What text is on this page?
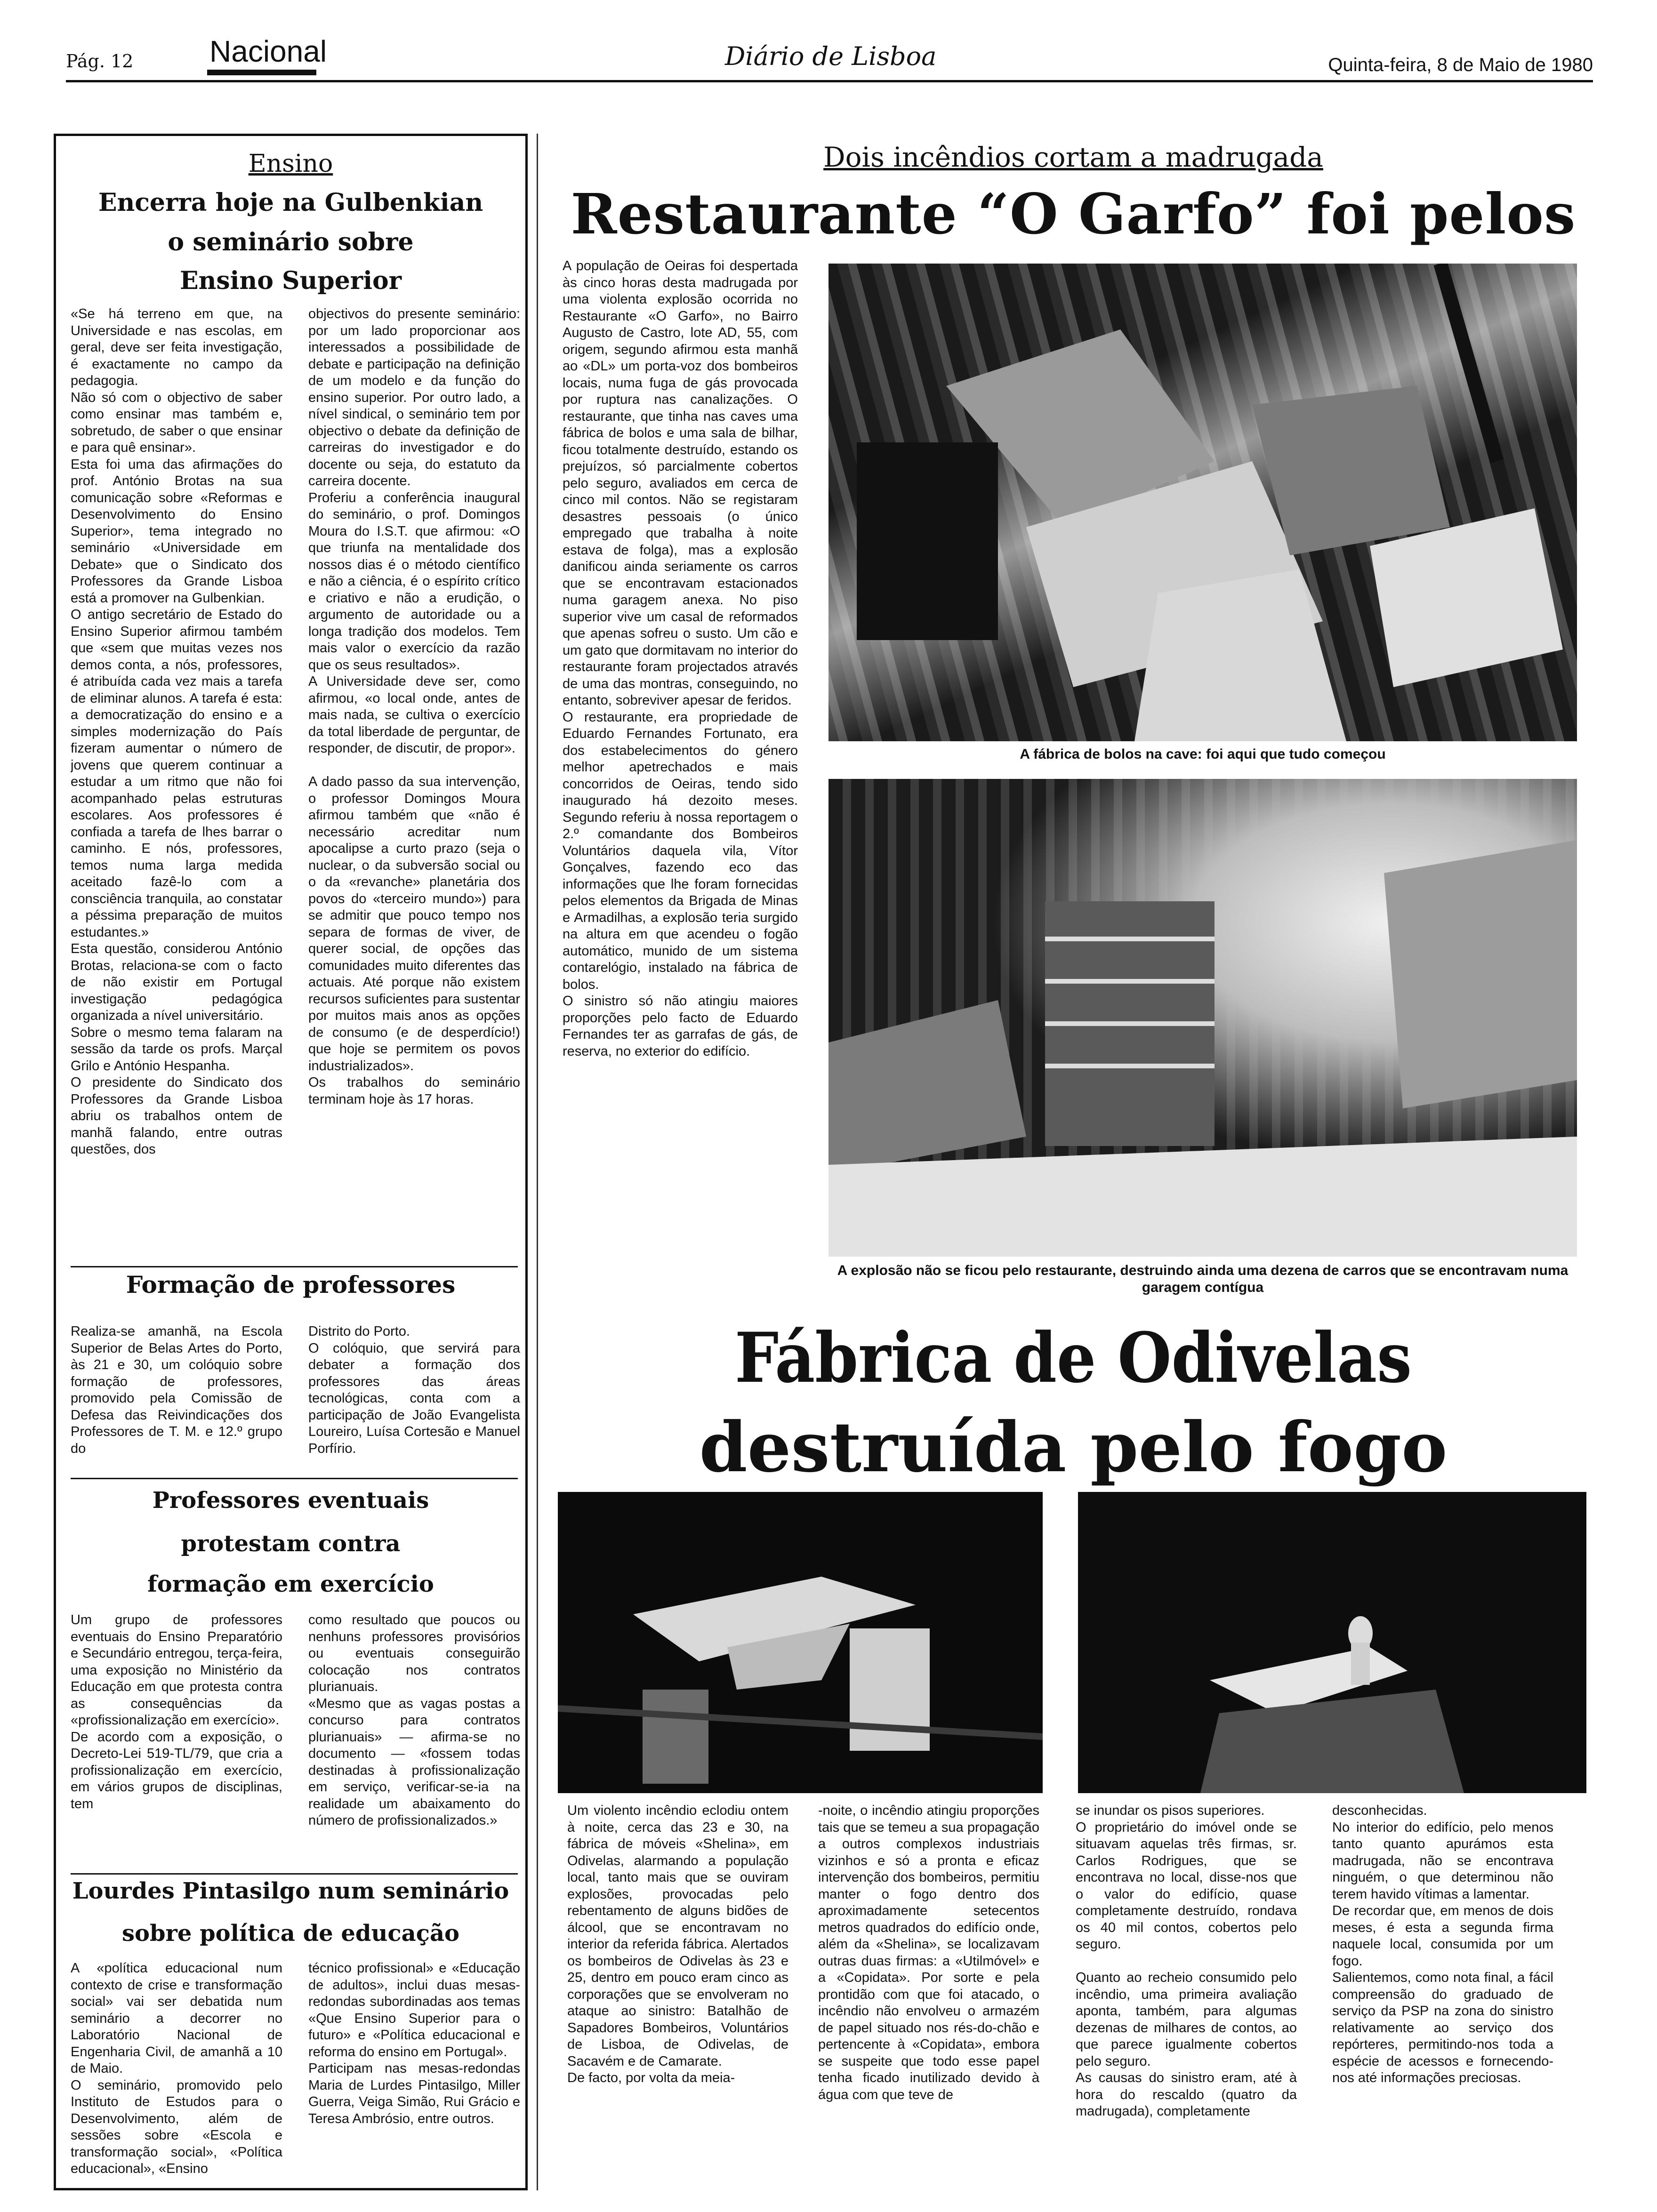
Pág. 12	Nacional	Diário de Lisboa	Quinta-feira, 8 de Maio de 1980
Ensino
Encerra hoje na Gulbenkian
o seminário sobre
Ensino Superior
«Se há terreno em que, na Universidade e nas escolas, em geral, deve ser feita investigação, é exactamente no campo da pedagogia.
Não só com o objectivo de saber como ensinar mas também e, sobretudo, de saber o que ensinar e para quê ensinar».
Esta foi uma das afirmações do prof. António Brotas na sua comunicação sobre «Reformas e Desenvolvimento do Ensino Superior», tema integrado no seminário «Universidade em Debate» que o Sindicato dos Professores da Grande Lisboa está a promover na Gulbenkian.
O antigo secretário de Estado do Ensino Superior afirmou também que «sem que muitas vezes nos demos conta, a nós, professores, é atribuída cada vez mais a tarefa de eliminar alunos. A tarefa é esta: a democratização do ensino e a simples modernização do País fizeram aumentar o número de jovens que querem continuar a estudar a um ritmo que não foi acompanhado pelas estruturas escolares. Aos professores é confiada a tarefa de lhes barrar o caminho. E nós, professores, temos numa larga medida aceitado fazê-lo com a consciência tranquila, ao constatar a péssima preparação de muitos estudantes.»
Esta questão, considerou António Brotas, relaciona-se com o facto de não existir em Portugal investigação pedagógica organizada a nível universitário.
Sobre o mesmo tema falaram na sessão da tarde os profs. Marçal Grilo e António Hespanha.
O presidente do Sindicato dos Professores da Grande Lisboa abriu os trabalhos ontem de manhã falando, entre outras questões, dos
objectivos do presente seminário: por um lado proporcionar aos interessados a possibilidade de debate e participação na definição de um modelo e da função do ensino superior. Por outro lado, a nível sindical, o seminário tem por objectivo o debate da definição de carreiras do investigador e do docente ou seja, do estatuto da carreira docente.
Proferiu a conferência inaugural do seminário, o prof. Domingos Moura do I.S.T. que afirmou: «O que triunfa na mentalidade dos nossos dias é o método científico e não a ciência, é o espírito crítico e criativo e não a erudição, o argumento de autoridade ou a longa tradição dos modelos. Tem mais valor o exercício da razão que os seus resultados».
A Universidade deve ser, como afirmou, «o local onde, antes de mais nada, se cultiva o exercício da total liberdade de perguntar, de responder, de discutir, de propor».

A dado passo da sua intervenção, o professor Domingos Moura afirmou também que «não é necessário acreditar num apocalipse a curto prazo (seja o nuclear, o da subversão social ou o da «revanche» planetária dos povos do «terceiro mundo») para se admitir que pouco tempo nos separa de formas de viver, de querer social, de opções das comunidades muito diferentes das actuais. Até porque não existem recursos suficientes para sustentar por muitos mais anos as opções de consumo (e de desperdício!) que hoje se permitem os povos industrializados».
Os trabalhos do seminário terminam hoje às 17 horas.
Formação de professores
Realiza-se amanhã, na Escola Superior de Belas Artes do Porto, às 21 e 30, um colóquio sobre formação de professores, promovido pela Comissão de Defesa das Reivindicações dos Professores de T. M. e 12.º grupo do
Distrito do Porto.
O colóquio, que servirá para debater a formação dos professores das áreas tecnológicas, conta com a participação de João Evangelista Loureiro, Luísa Cortesão e Manuel Porfírio.
Professores eventuais
protestam contra
formação em exercício
Um grupo de professores eventuais do Ensino Preparatório e Secundário entregou, terça-feira, uma exposição no Ministério da Educação em que protesta contra as consequências da «profissionalização em exercício».
De acordo com a exposição, o Decreto-Lei 519-TL/79, que cria a profissionalização em exercício, em vários grupos de disciplinas, tem
como resultado que poucos ou nenhuns professores provisórios ou eventuais conseguirão colocação nos contratos plurianuais.
«Mesmo que as vagas postas a concurso para contratos plurianuais» — afirma-se no documento — «fossem todas destinadas à profissionalização em serviço, verificar-se-ia na realidade um abaixamento do número de profissionalizados.»
Lourdes Pintasilgo num seminário
sobre política de educação
A «política educacional num contexto de crise e transformação social» vai ser debatida num seminário a decorrer no Laboratório Nacional de Engenharia Civil, de amanhã a 10 de Maio.
O seminário, promovido pelo Instituto de Estudos para o Desenvolvimento, além de sessões sobre «Escola e transformação social», «Política educacional», «Ensino
técnico profissional» e «Educação de adultos», inclui duas mesas-redondas subordinadas aos temas «Que Ensino Superior para o futuro» e «Política educacional e reforma do ensino em Portugal».
Participam nas mesas-redondas Maria de Lurdes Pintasilgo, Miller Guerra, Veiga Simão, Rui Grácio e Teresa Ambrósio, entre outros.
Dois incêndios cortam a madrugada
Restaurante “O Garfo” foi pelos
A população de Oeiras foi despertada às cinco horas desta madrugada por uma violenta explosão ocorrida no Restaurante «O Garfo», no Bairro Augusto de Castro, lote AD, 55, com origem, segundo afirmou esta manhã ao «DL» um porta-voz dos bombeiros locais, numa fuga de gás provocada por ruptura nas canalizações. O restaurante, que tinha nas caves uma fábrica de bolos e uma sala de bilhar, ficou totalmente destruído, estando os prejuízos, só parcialmente cobertos pelo seguro, avaliados em cerca de cinco mil contos. Não se registaram desastres pessoais (o único empregado que trabalha à noite estava de folga), mas a explosão danificou ainda seriamente os carros que se encontravam estacionados numa garagem anexa. No piso superior vive um casal de reformados que apenas sofreu o susto. Um cão e um gato que dormitavam no interior do restaurante foram projectados através de uma das montras, conseguindo, no entanto, sobreviver apesar de feridos.
O restaurante, era propriedade de Eduardo Fernandes Fortunato, era dos estabelecimentos do género melhor apetrechados e mais concorridos de Oeiras, tendo sido inaugurado há dezoito meses. Segundo referiu à nossa reportagem o 2.º comandante dos Bombeiros Voluntários daquela vila, Vítor Gonçalves, fazendo eco das informações que lhe foram fornecidas pelos elementos da Brigada de Minas e Armadilhas, a explosão teria surgido na altura em que acendeu o fogão automático, munido de um sistema contarelógio, instalado na fábrica de bolos.
O sinistro só não atingiu maiores proporções pelo facto de Eduardo Fernandes ter as garrafas de gás, de reserva, no exterior do edifício.
A fábrica de bolos na cave: foi aqui que tudo começou
A explosão não se ficou pelo restaurante, destruindo ainda uma dezena de carros que se encontravam numa garagem contígua
Fábrica de Odivelas
destruída pelo fogo
Um violento incêndio eclodiu ontem à noite, cerca das 23 e 30, na fábrica de móveis «Shelina», em Odivelas, alarmando a população local, tanto mais que se ouviram explosões, provocadas pelo rebentamento de alguns bidões de álcool, que se encontravam no interior da referida fábrica. Alertados os bombeiros de Odivelas às 23 e 25, dentro em pouco eram cinco as corporações que se envolveram no ataque ao sinistro: Batalhão de Sapadores Bombeiros, Voluntários de Lisboa, de Odivelas, de Sacavém e de Camarate.
De facto, por volta da meia-
-noite, o incêndio atingiu proporções tais que se temeu a sua propagação a outros complexos industriais vizinhos e só a pronta e eficaz intervenção dos bombeiros, permitiu manter o fogo dentro dos aproximadamente setecentos metros quadrados do edifício onde, além da «Shelina», se localizavam outras duas firmas: a «Utilmóvel» e a «Copidata». Por sorte e pela prontidão com que foi atacado, o incêndio não envolveu o armazém de papel situado nos rés-do-chão e pertencente à «Copidata», embora se suspeite que todo esse papel tenha ficado inutilizado devido à água com que teve de
se inundar os pisos superiores.
O proprietário do imóvel onde se situavam aquelas três firmas, sr. Carlos Rodrigues, que se encontrava no local, disse-nos que o valor do edifício, quase completamente destruído, rondava os 40 mil contos, cobertos pelo seguro.

Quanto ao recheio consumido pelo incêndio, uma primeira avaliação aponta, também, para algumas dezenas de milhares de contos, ao que parece igualmente cobertos pelo seguro.
As causas do sinistro eram, até à hora do rescaldo (quatro da madrugada), completamente
desconhecidas.
No interior do edifício, pelo menos tanto quanto apurámos esta madrugada, não se encontrava ninguém, o que determinou não terem havido vítimas a lamentar.
De recordar que, em menos de dois meses, é esta a segunda firma naquele local, consumida por um fogo.
Salientemos, como nota final, a fácil compreensão do graduado de serviço da PSP na zona do sinistro relativamente ao serviço dos repórteres, permitindo-nos toda a espécie de acessos e fornecendo-nos até informações preciosas.
